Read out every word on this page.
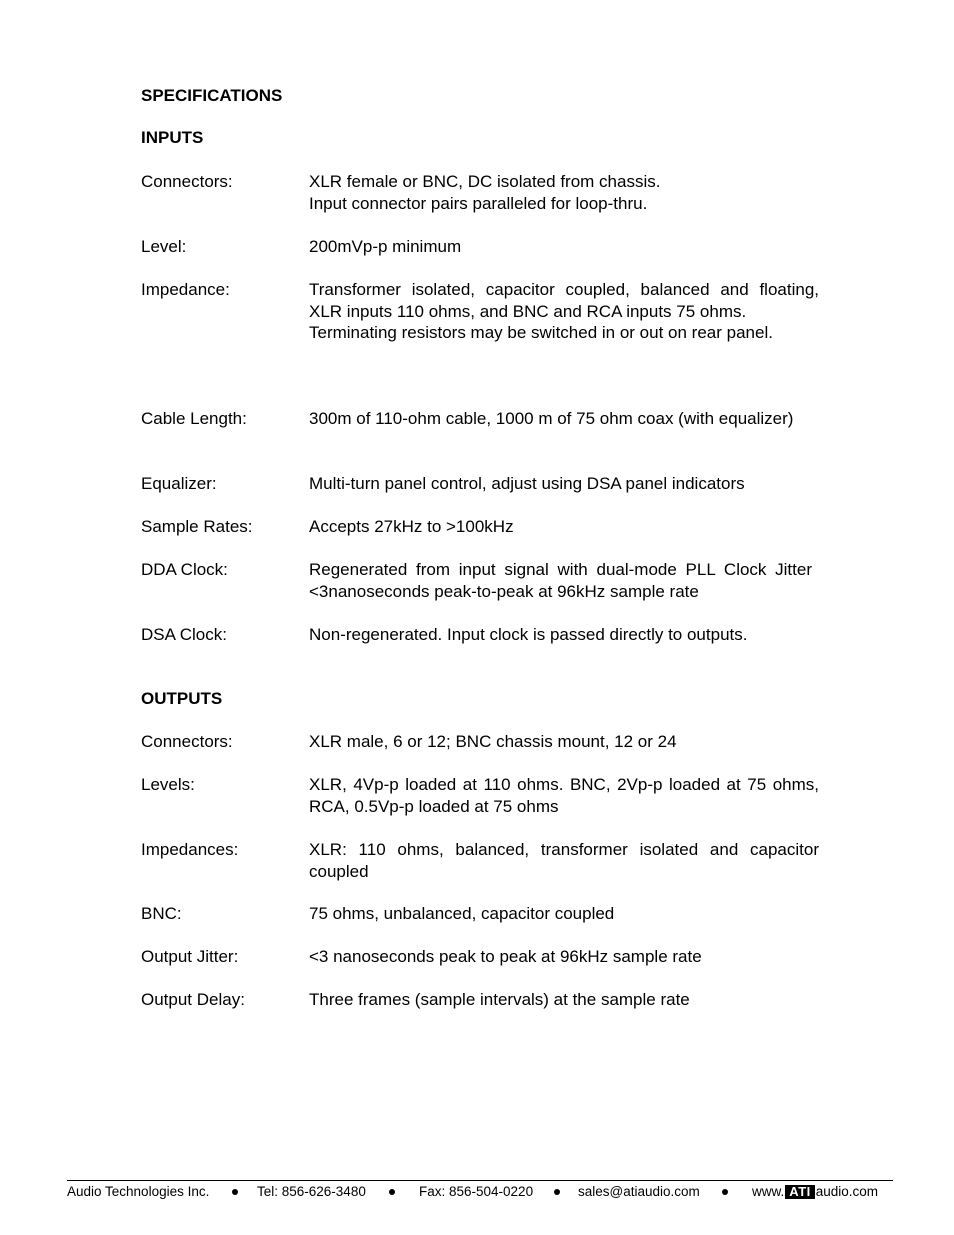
SPECIFICATIONS
INPUTS
Connectors:	XLR female or BNC, DC isolated from chassis.

Input connector pairs paralleled for loop-thru.

Level:	200mVp-p minimum

Impedance:	Transformer isolated, capacitor coupled, balanced and floating, XLR inputs 110 ohms, and BNC and RCA inputs 75 ohms.

Terminating resistors may be switched in or out on rear panel.

Cable Length:	300m of 110-ohm cable, 1000 m of 75 ohm coax (with equalizer)

Equalizer:	Multi-turn panel control, adjust using DSA panel indicators

Sample Rates:	Accepts 27kHz to >100kHz

DDA Clock:	Regenerated from input signal with dual-mode PLL Clock Jitter <3nanoseconds peak-to-peak at 96kHz sample rate

DSA Clock:	Non-regenerated. Input clock is passed directly to outputs.

OUTPUTS
Connectors:	XLR male, 6 or 12; BNC chassis mount, 12 or 24

Levels:	XLR, 4Vp-p loaded at 110 ohms. BNC, 2Vp-p loaded at 75 ohms, RCA, 0.5Vp-p loaded at 75 ohms

Impedances:	XLR: 110 ohms, balanced, transformer isolated and capacitor coupled

BNC:	75 ohms, unbalanced, capacitor coupled

Output Jitter:	<3 nanoseconds peak to peak at 96kHz sample rate

Output Delay:	Three frames (sample intervals) at the sample rate

Audio Technologies Inc.	Tel: 856-626-3480	Fax: 856-504-0220	sales@atiaudio.com	www. ATI audio.com
